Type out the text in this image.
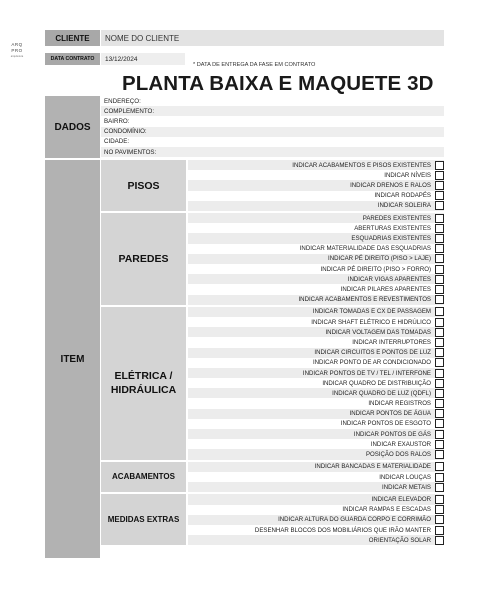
ARQ
PRO
arquitetura
CLIENTE	NOME DO CLIENTE
DATA CONTRATO	13/12/2024
* DATA DE ENTREGA DA FASE EM CONTRATO
PLANTA BAIXA E MAQUETE 3D
DADOS
ENDEREÇO:
COMPLEMENTO:
BAIRRO:
CONDOMÍNIO:
CIDADE:
NO PAVIMENTOS:
ITEM
PISOS
INDICAR ACABAMENTOS E PISOS EXISTENTES
INDICAR NÍVEIS
INDICAR DRENOS E RALOS
INDICAR RODAPÉS
INDICAR SOLEIRA
PAREDES
PAREDES EXISTENTES
ABERTURAS EXISTENTES
ESQUADRIAS EXISTENTES
INDICAR MATERIALIDADE DAS ESQUADRIAS
INDICAR PÉ DIREITO (PISO > LAJE)
INDICAR PÉ DIREITO (PISO > FORRO)
INDICAR VIGAS APARENTES
INDICAR PILARES APARENTES
INDICAR ACABAMENTOS E REVESTIMENTOS
ELÉTRICA / HIDRÁULICA
INDICAR TOMADAS E CX DE PASSAGEM
INDICAR SHAFT ELÉTRICO E HIDRÚLICO
INDICAR VOLTAGEM DAS TOMADAS
INDICAR INTERRUPTORES
INDICAR CIRCUITOS E PONTOS DE LUZ
INDICAR PONTO DE AR CONDICIONADO
INDICAR PONTOS DE TV / TEL / INTERFONE
INDICAR QUADRO DE DISTRIBUIÇÃO
INDICAR QUADRO DE LUZ (QDFL)
INDICAR REGISTROS
INDICAR PONTOS DE ÁGUA
INDICAR PONTOS DE ESGOTO
INDICAR PONTOS DE GÁS
INDICAR EXAUSTOR
POSIÇÃO DOS RALOS
ACABAMENTOS
INDICAR BANCADAS E MATERIALIDADE
INDICAR LOUÇAS
INDICAR METAIS
MEDIDAS EXTRAS
INDICAR ELEVADOR
INDICAR RAMPAS E ESCADAS
INDICAR ALTURA DO GUARDA CORPO E CORRIMÃO
DESENHAR BLOCOS DOS MOBILIÁRIOS QUE IRÃO MANTER
ORIENTAÇÃO SOLAR
